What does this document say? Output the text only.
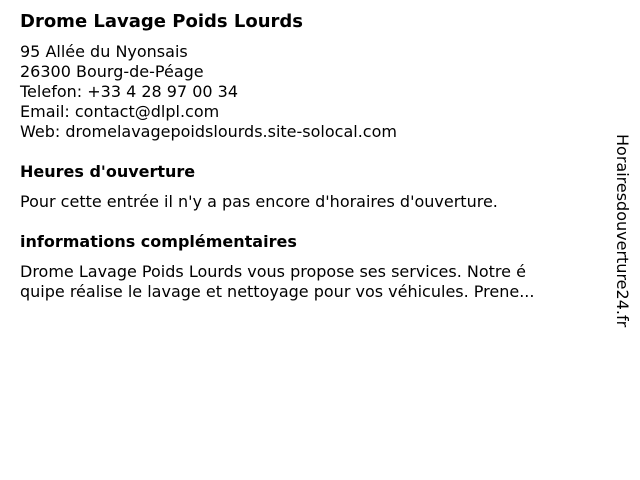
Drome Lavage Poids Lourds
95 Allée du Nyonsais
26300 Bourg-de-Péage
Telefon: +33 4 28 97 00 34
Email: contact@dlpl.com
Web: dromelavagepoidslourds.site-solocal.com
Heures d'ouverture
Pour cette entrée il n'y a pas encore d'horaires d'ouverture.
informations complémentaires
Drome Lavage Poids Lourds vous propose ses services. Notre é
quipe réalise le lavage et nettoyage pour vos véhicules. Prene...	Horairesdouverture24.fr
